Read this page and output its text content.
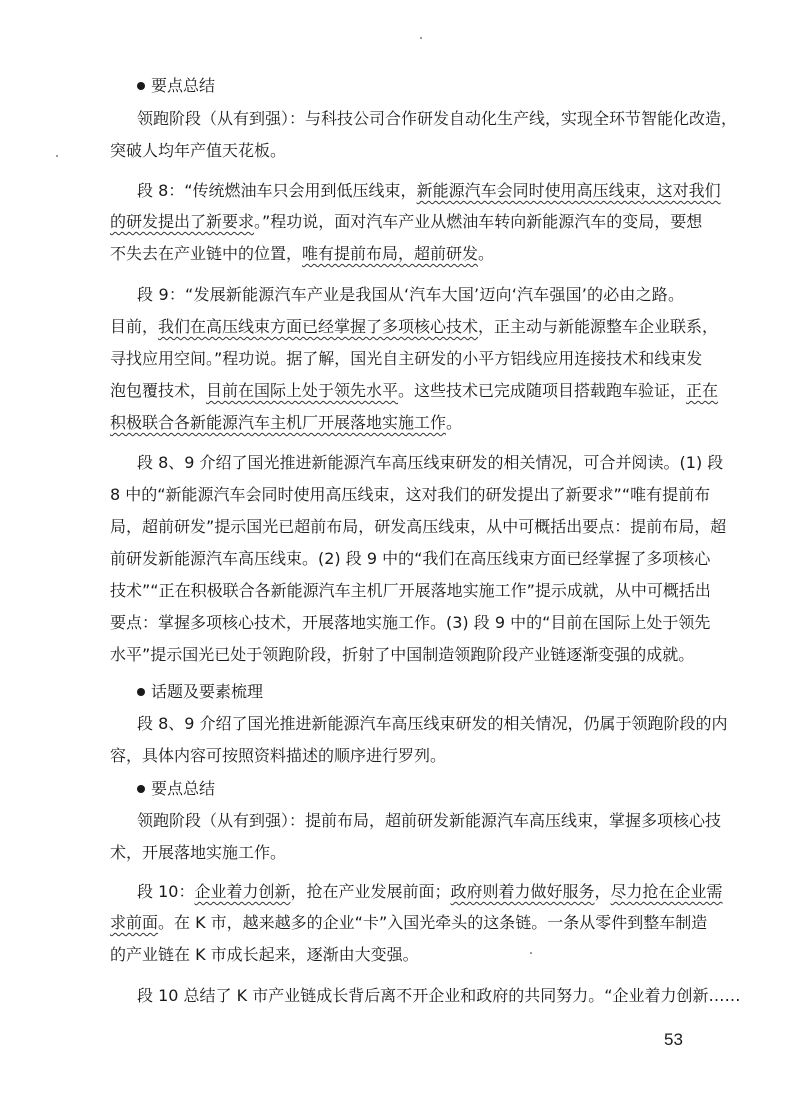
要点总结
领跑阶段（从有到强）：与科技公司合作研发自动化生产线，实现全环节智能化改造，
突破人均年产值天花板。
段 8：“传统燃油车只会用到低压线束，新能源汽车会同时使用高压线束，这对我们
的研发提出了新要求。”程功说，面对汽车产业从燃油车转向新能源汽车的变局，要想
不失去在产业链中的位置，唯有提前布局，超前研发。
段 9：“发展新能源汽车产业是我国从‘汽车大国’迈向‘汽车强国’的必由之路。
目前，我们在高压线束方面已经掌握了多项核心技术，正主动与新能源整车企业联系，
寻找应用空间。”程功说。据了解，国光自主研发的小平方铝线应用连接技术和线束发
泡包覆技术，目前在国际上处于领先水平。这些技术已完成随项目搭载跑车验证，正在
积极联合各新能源汽车主机厂开展落地实施工作。
段 8、9 介绍了国光推进新能源汽车高压线束研发的相关情况，可合并阅读。(1) 段
8 中的“新能源汽车会同时使用高压线束，这对我们的研发提出了新要求”“唯有提前布
局，超前研发”提示国光已超前布局，研发高压线束，从中可概括出要点：提前布局，超
前研发新能源汽车高压线束。(2) 段 9 中的“我们在高压线束方面已经掌握了多项核心
技术”“正在积极联合各新能源汽车主机厂开展落地实施工作”提示成就，从中可概括出
要点：掌握多项核心技术，开展落地实施工作。(3) 段 9 中的“目前在国际上处于领先
水平”提示国光已处于领跑阶段，折射了中国制造领跑阶段产业链逐渐变强的成就。
话题及要素梳理
段 8、9 介绍了国光推进新能源汽车高压线束研发的相关情况，仍属于领跑阶段的内
容，具体内容可按照资料描述的顺序进行罗列。
要点总结
领跑阶段（从有到强）：提前布局，超前研发新能源汽车高压线束，掌握多项核心技
术，开展落地实施工作。
段 10：企业着力创新，抢在产业发展前面；政府则着力做好服务，尽力抢在企业需
求前面。在 K 市，越来越多的企业“卡”入国光牵头的这条链。一条从零件到整车制造
的产业链在 K 市成长起来，逐渐由大变强。
段 10 总结了 K 市产业链成长背后离不开企业和政府的共同努力。“企业着力创新……
53
